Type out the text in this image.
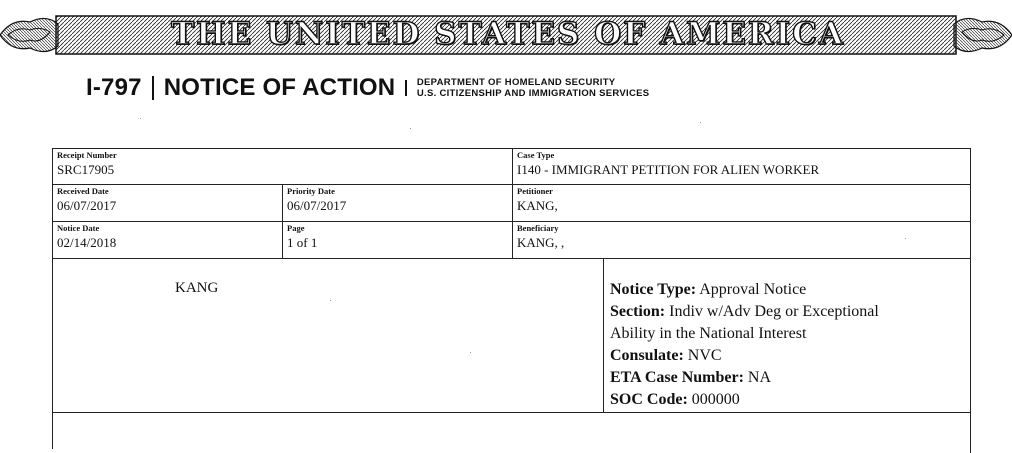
THE UNITED STATES OF AMERICA
I-797 NOTICE OF ACTION DEPARTMENT OF HOMELAND SECURITY
U.S. CITIZENSHIP AND IMMIGRATION SERVICES
Receipt Number
SRC17905
Case Type
I140 - IMMIGRANT PETITION FOR ALIEN WORKER
Received Date
06/07/2017
Priority Date
06/07/2017
Petitioner
KANG,
Notice Date
02/14/2018
Page
1 of 1
Beneficiary
KANG, ,
KANG	Notice Type: Approval Notice
Section: Indiv w/Adv Deg or Exceptional
Ability in the National Interest
Consulate: NVC
ETA Case Number: NA
SOC Code: 000000
